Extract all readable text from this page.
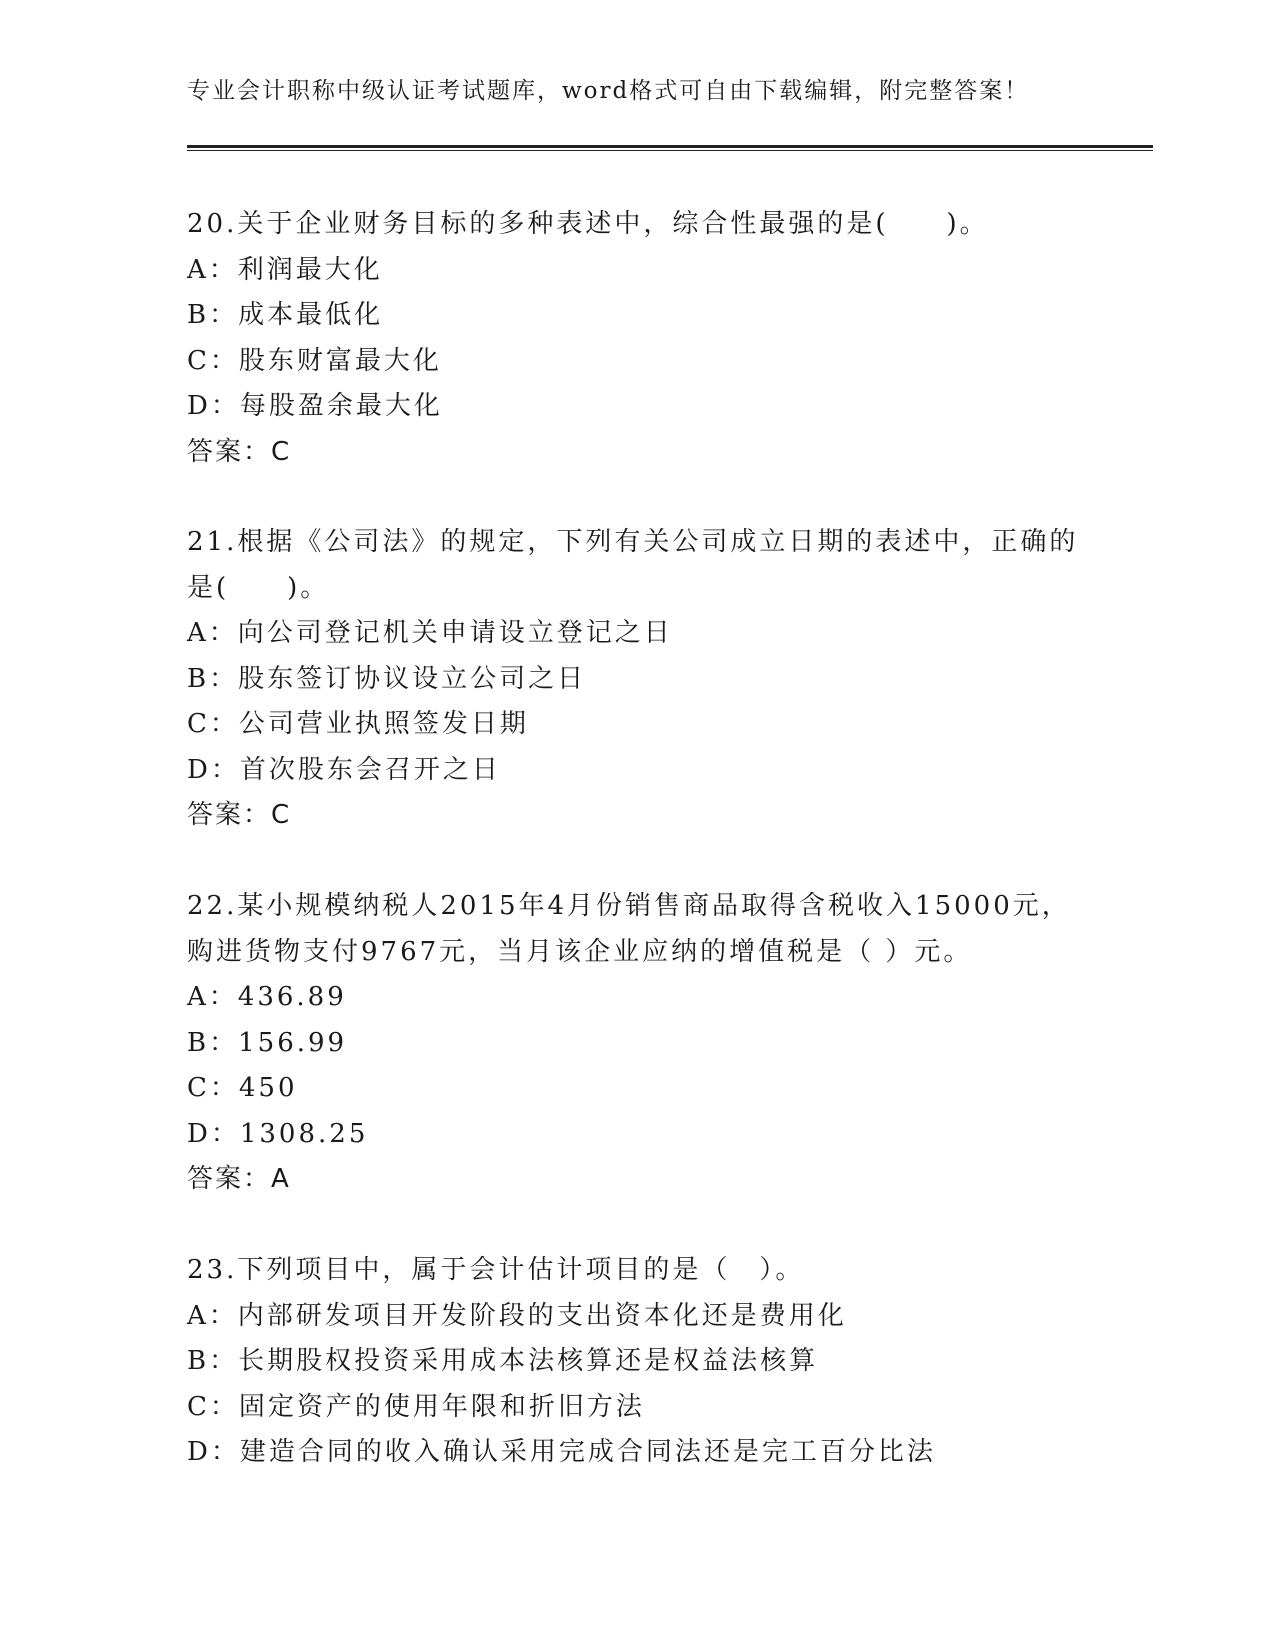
专业会计职称中级认证考试题库，word格式可自由下载编辑，附完整答案！
20.关于企业财务目标的多种表述中，综合性最强的是(　　)。
A：利润最大化
B：成本最低化
C：股东财富最大化
D：每股盈余最大化
答案：C
21.根据《公司法》的规定，下列有关公司成立日期的表述中，正确的
是(　　)。
A：向公司登记机关申请设立登记之日
B：股东签订协议设立公司之日
C：公司营业执照签发日期
D：首次股东会召开之日
答案：C
22.某小规模纳税人2015年4月份销售商品取得含税收入15000元，
购进货物支付9767元，当月该企业应纳的增值税是（ ）元。
A：436.89
B：156.99
C：450
D：1308.25
答案：A
23.下列项目中，属于会计估计项目的是（　）。
A：内部研发项目开发阶段的支出资本化还是费用化
B：长期股权投资采用成本法核算还是权益法核算
C：固定资产的使用年限和折旧方法
D：建造合同的收入确认采用完成合同法还是完工百分比法
